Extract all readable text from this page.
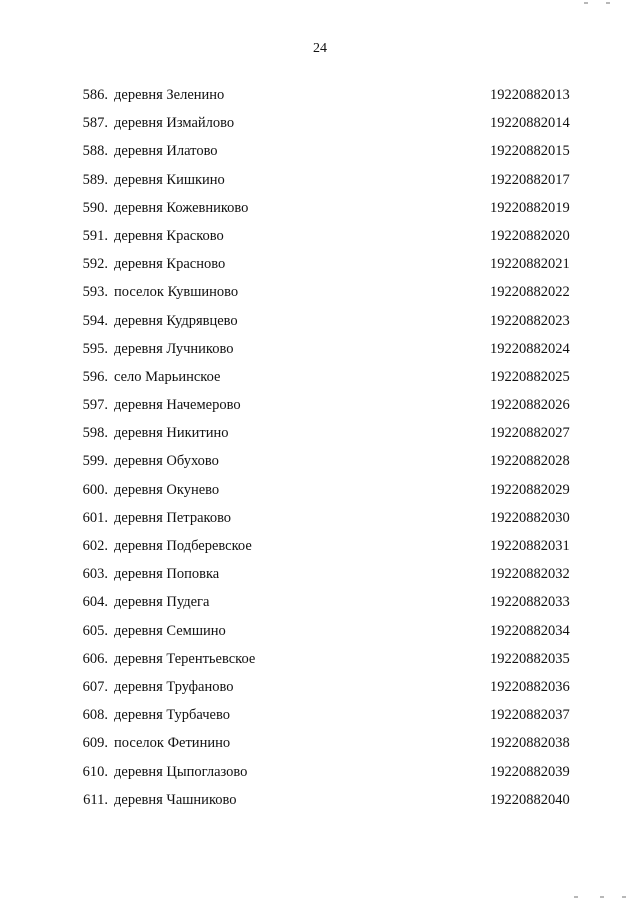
24
586. деревня Зеленино	19220882013
587. деревня Измайлово	19220882014
588. деревня Илатово	19220882015
589. деревня Кишкино	19220882017
590. деревня Кожевниково	19220882019
591. деревня Красково	19220882020
592. деревня Красново	19220882021
593. поселок Кувшиново	19220882022
594. деревня Кудрявцево	19220882023
595. деревня Лучниково	19220882024
596. село Марьинское	19220882025
597. деревня Начемерово	19220882026
598. деревня Никитино	19220882027
599. деревня Обухово	19220882028
600. деревня Окунево	19220882029
601. деревня Петраково	19220882030
602. деревня Подберевское	19220882031
603. деревня Поповка	19220882032
604. деревня Пудега	19220882033
605. деревня Семшино	19220882034
606. деревня Терентьевское	19220882035
607. деревня Труфаново	19220882036
608. деревня Турбачево	19220882037
609. поселок Фетинино	19220882038
610. деревня Цыпоглазово	19220882039
611. деревня Чашниково	19220882040
